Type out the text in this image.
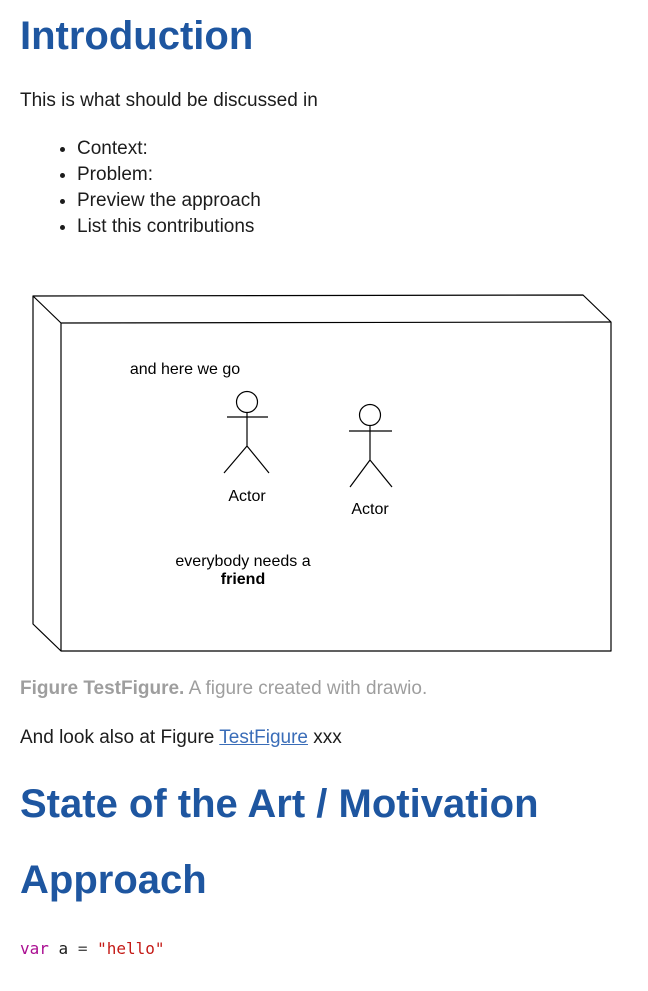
Introduction

This is what should be discussed in

• Context:
• Problem:
• Preview the approach
• List this contributions
and here we go
Actor
Actor
everybody needs a
friend

Figure TestFigure. A figure created with drawio.

And look also at Figure TestFigure xxx

State of the Art / Motivation
Approach
var a = "hello"
